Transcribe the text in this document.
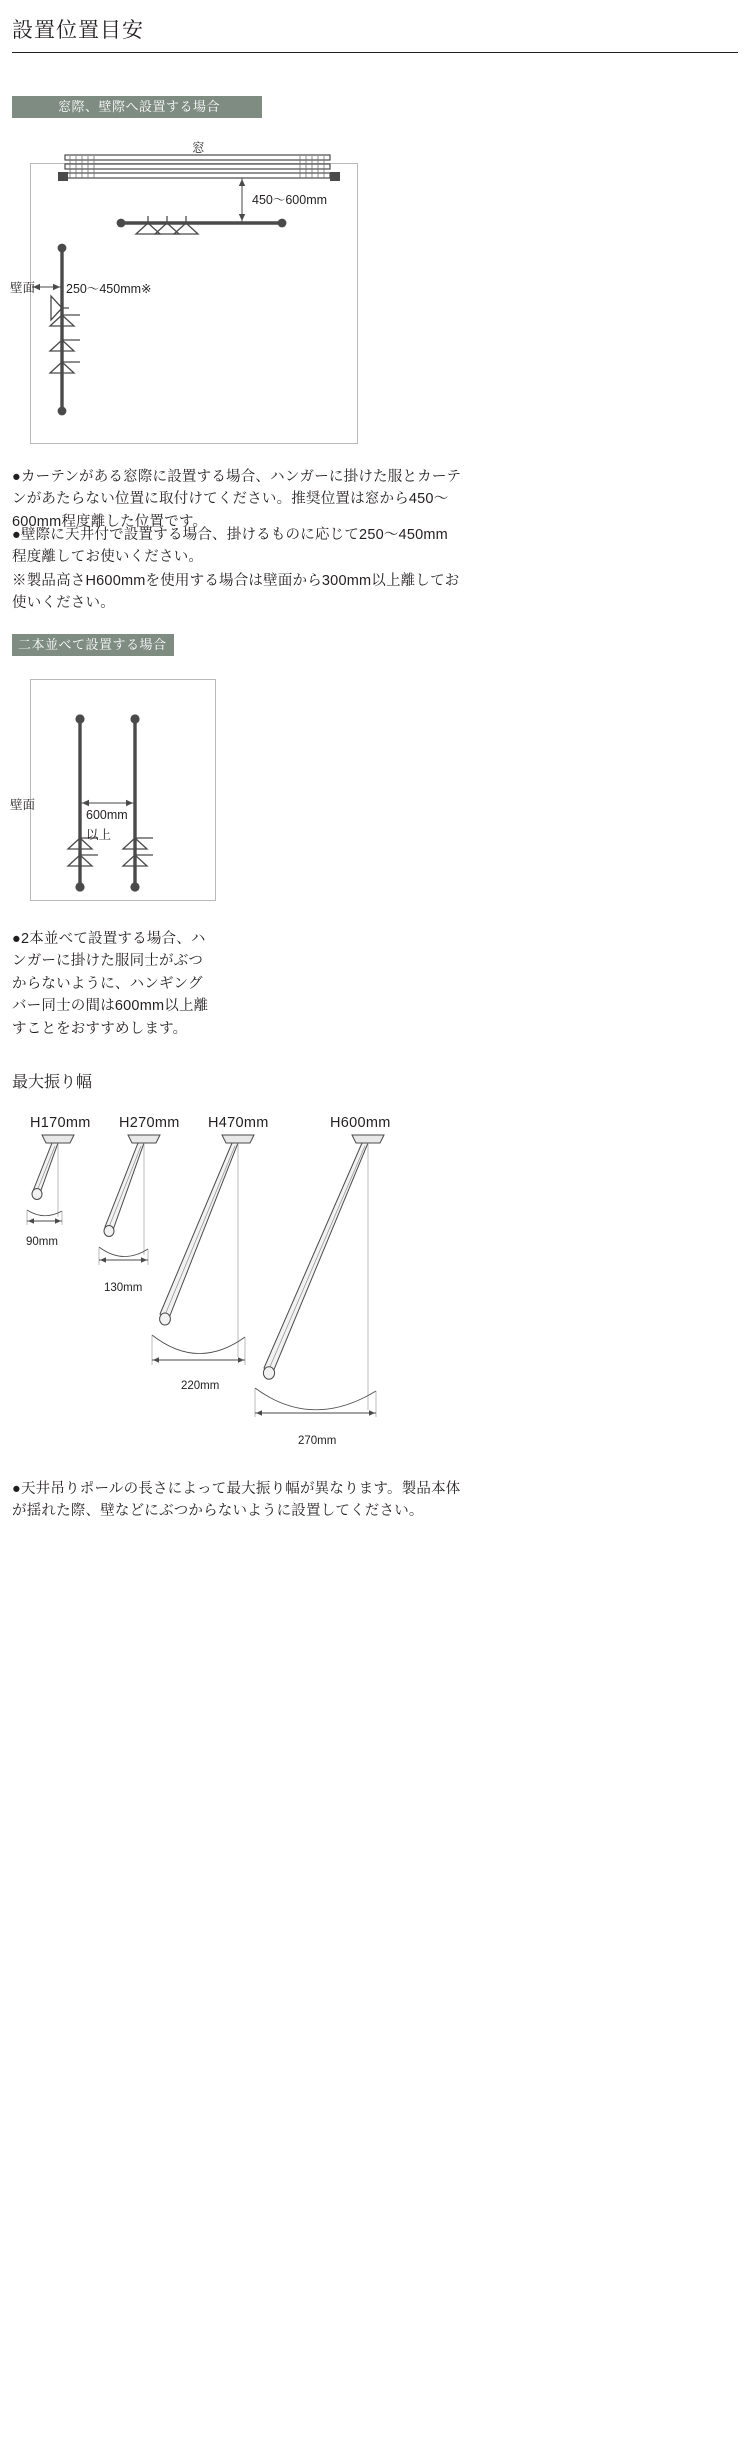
設置位置目安
窓際、壁際へ設置する場合
窓
壁面
450〜600mm
250〜450mm※
●カーテンがある窓際に設置する場合、ハンガーに掛けた服とカーテンがあたらない位置に取付けてください。推奨位置は窓から450〜600mm程度離した位置です。
●壁際に天井付で設置する場合、掛けるものに応じて250〜450mm程度離してお使いください。
※製品高さH600mmを使用する場合は壁面から300mm以上離してお使いください。
二本並べて設置する場合
壁面
600mm
以上
●2本並べて設置する場合、ハンガーに掛けた服同士がぶつからないように、ハンギングバー同士の間は600mm以上離すことをおすすめします。
最大振り幅
H170mm H270mm H470mm	H600mm
90mm
130mm
220mm
270mm
●天井吊りポールの長さによって最大振り幅が異なります。製品本体が揺れた際、壁などにぶつからないように設置してください。
